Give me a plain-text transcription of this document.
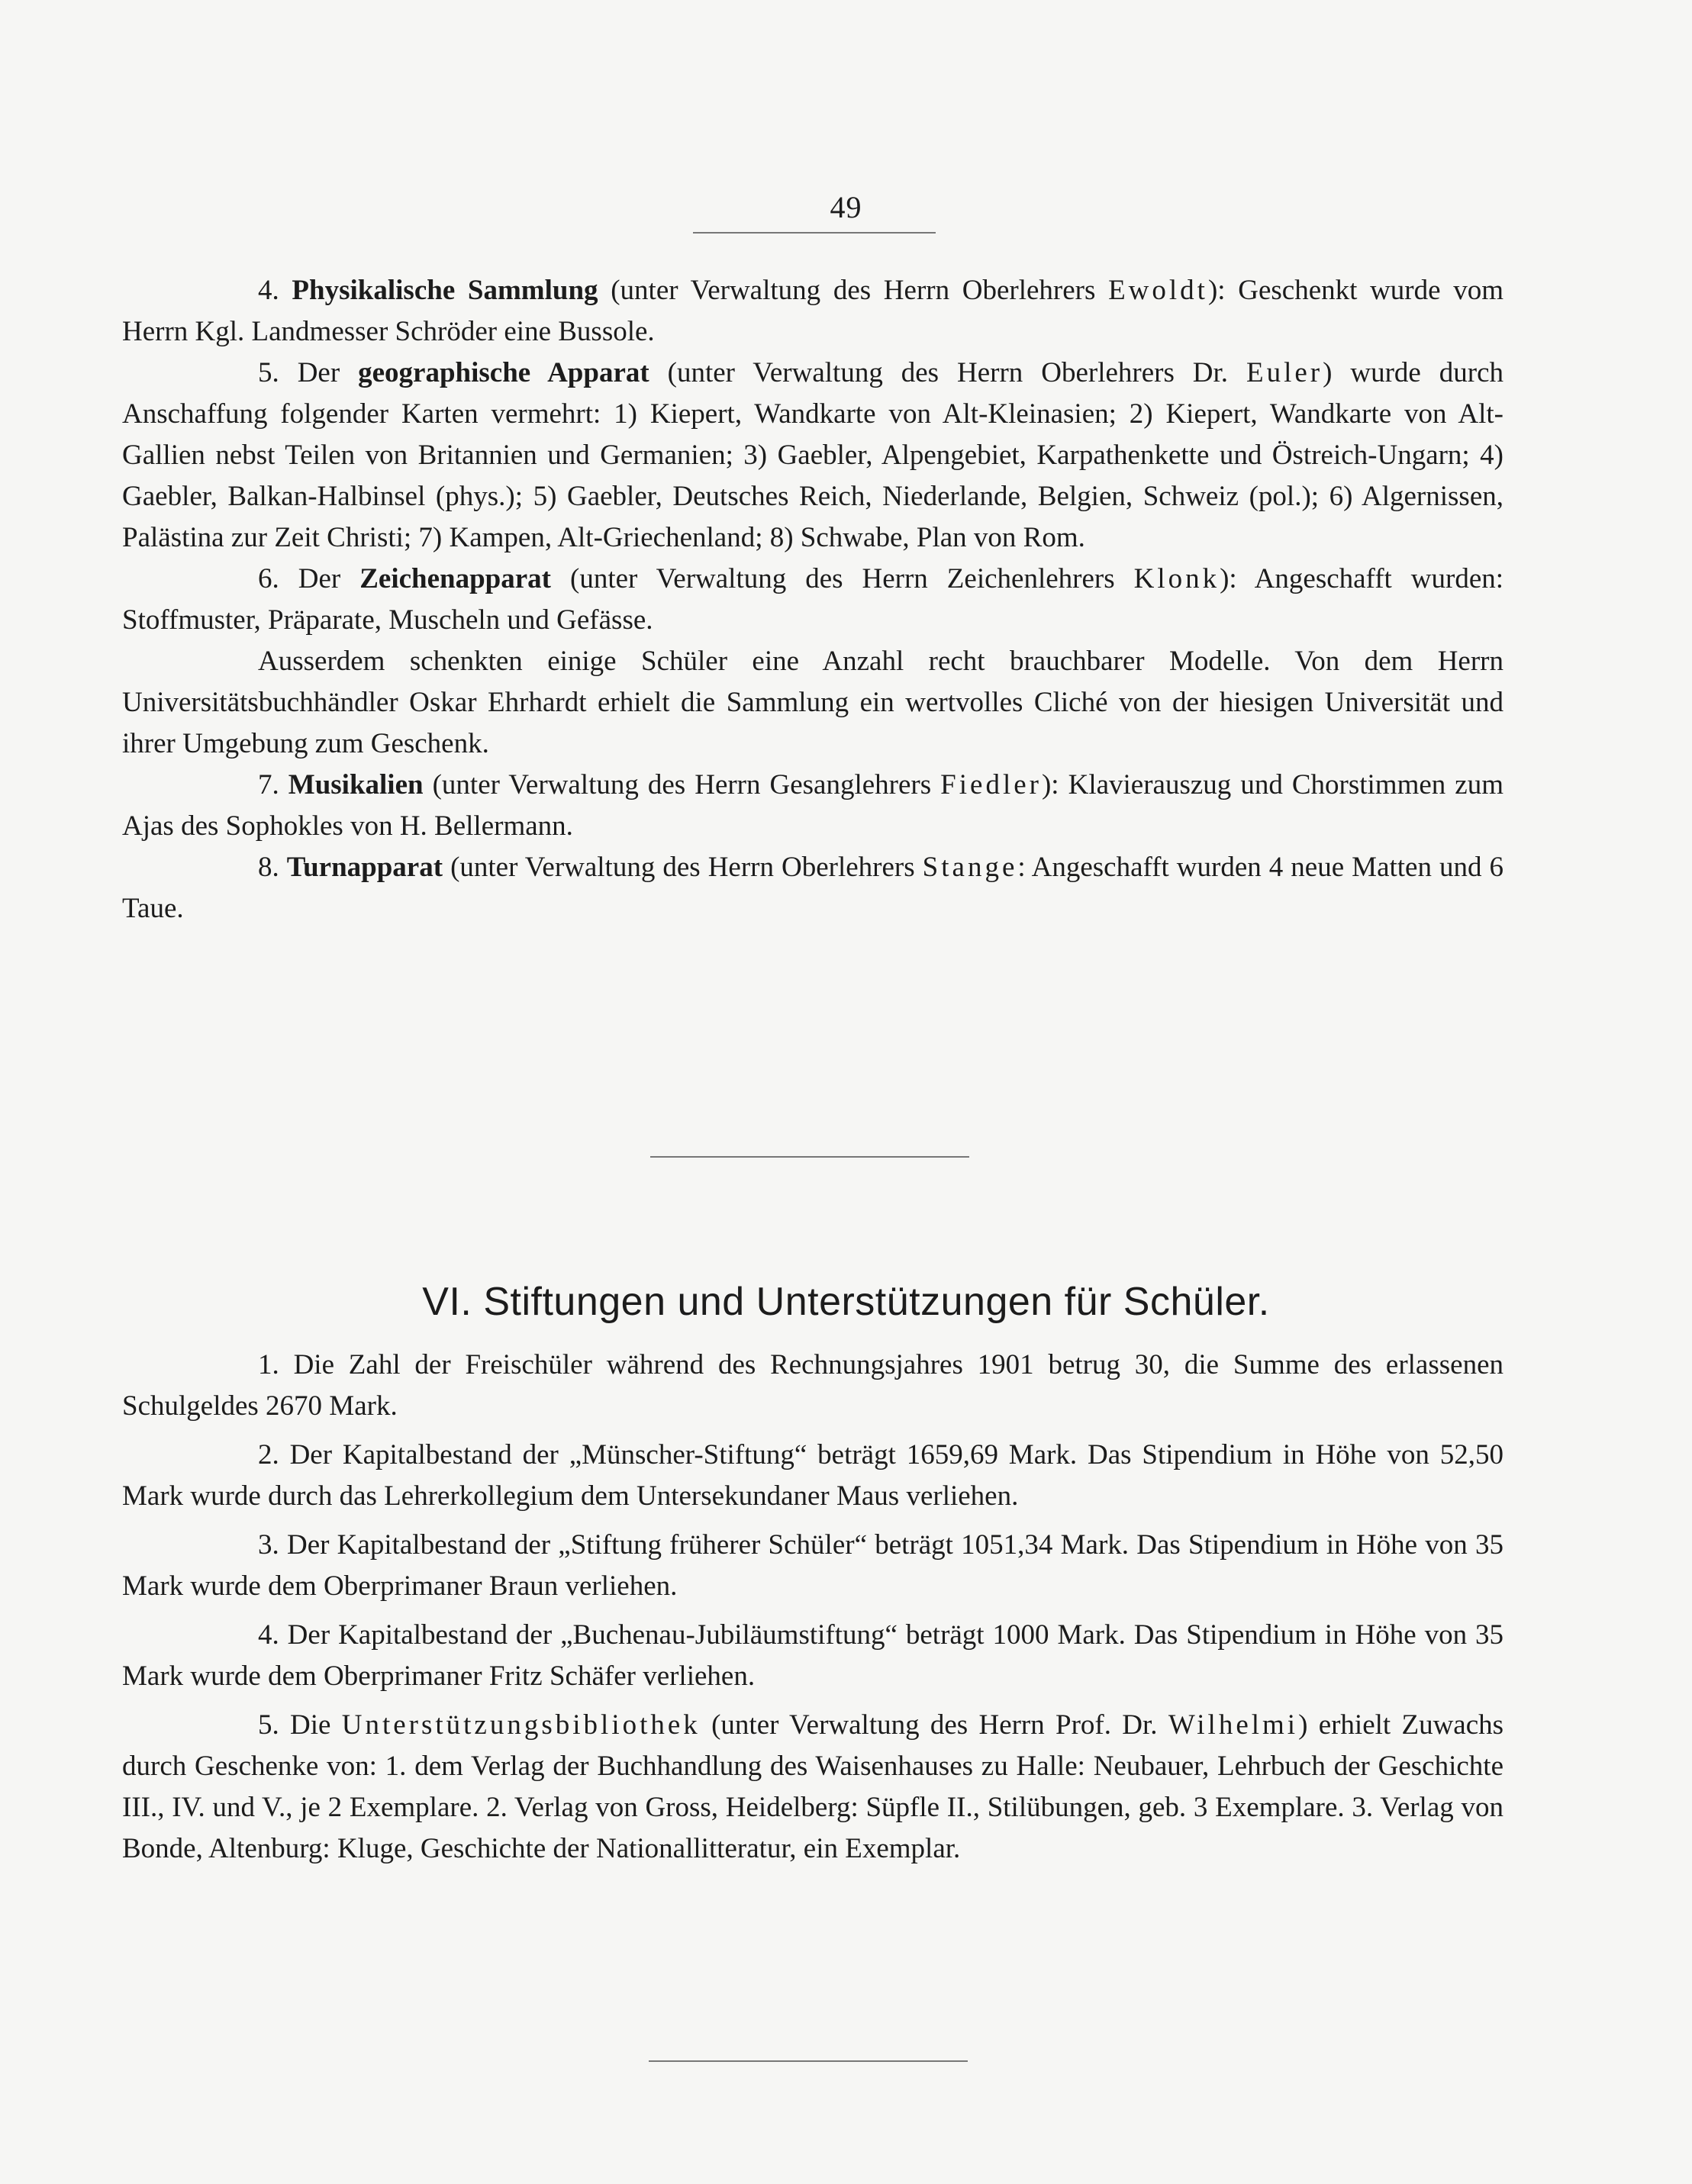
49

4. Physikalische Sammlung (unter Verwaltung des Herrn Oberlehrers Ewoldt): Geschenkt wurde vom Herrn Kgl. Landmesser Schröder eine Bussole.

5. Der geographische Apparat (unter Verwaltung des Herrn Oberlehrers Dr. Euler) wurde durch Anschaffung folgender Karten vermehrt: 1) Kiepert, Wandkarte von Alt-Kleinasien; 2) Kiepert, Wandkarte von Alt-Gallien nebst Teilen von Britannien und Germanien; 3) Gaebler, Alpengebiet, Karpathenkette und Östreich-Ungarn; 4) Gaebler, Balkan-Halbinsel (phys.); 5) Gaebler, Deutsches Reich, Niederlande, Belgien, Schweiz (pol.); 6) Algernissen, Palästina zur Zeit Christi; 7) Kampen, Alt-Griechenland; 8) Schwabe, Plan von Rom.

6. Der Zeichenapparat (unter Verwaltung des Herrn Zeichenlehrers Klonk): Angeschafft wurden: Stoffmuster, Präparate, Muscheln und Gefässe.

Ausserdem schenkten einige Schüler eine Anzahl recht brauchbarer Modelle. Von dem Herrn Universitätsbuchhändler Oskar Ehrhardt erhielt die Sammlung ein wertvolles Cliché von der hiesigen Universität und ihrer Umgebung zum Geschenk.

7. Musikalien (unter Verwaltung des Herrn Gesanglehrers Fiedler): Klavierauszug und Chorstimmen zum Ajas des Sophokles von H. Bellermann.

8. Turnapparat (unter Verwaltung des Herrn Oberlehrers Stange: Angeschafft wurden 4 neue Matten und 6 Taue.

VI. Stiftungen und Unterstützungen für Schüler.

1. Die Zahl der Freischüler während des Rechnungsjahres 1901 betrug 30, die Summe des erlassenen Schulgeldes 2670 Mark.

2. Der Kapitalbestand der „Münscher-Stiftung“ beträgt 1659,69 Mark. Das Stipendium in Höhe von 52,50 Mark wurde durch das Lehrerkollegium dem Untersekundaner Maus verliehen.

3. Der Kapitalbestand der „Stiftung früherer Schüler“ beträgt 1051,34 Mark. Das Stipendium in Höhe von 35 Mark wurde dem Oberprimaner Braun verliehen.

4. Der Kapitalbestand der „Buchenau-Jubiläumstiftung“ beträgt 1000 Mark. Das Stipendium in Höhe von 35 Mark wurde dem Oberprimaner Fritz Schäfer verliehen.

5. Die Unterstützungsbibliothek (unter Verwaltung des Herrn Prof. Dr. Wilhelmi) erhielt Zuwachs durch Geschenke von: 1. dem Verlag der Buchhandlung des Waisenhauses zu Halle: Neubauer, Lehrbuch der Geschichte III., IV. und V., je 2 Exemplare. 2. Verlag von Gross, Heidelberg: Süpfle II., Stilübungen, geb. 3 Exemplare. 3. Verlag von Bonde, Altenburg: Kluge, Geschichte der Nationallitteratur, ein Exemplar.
